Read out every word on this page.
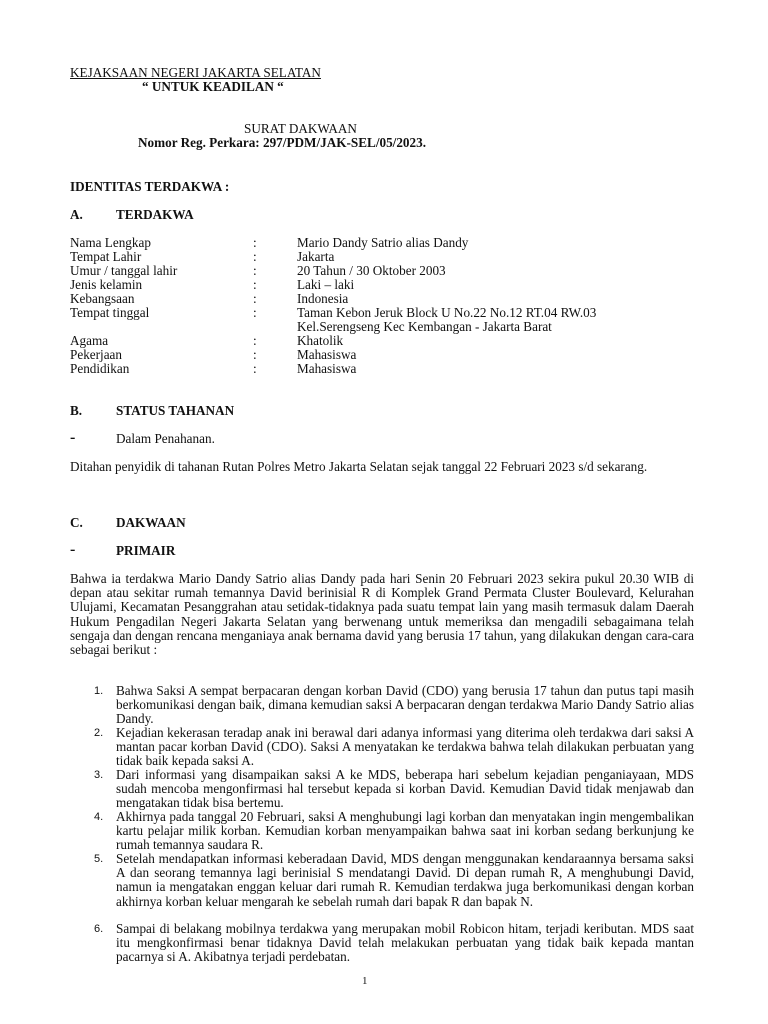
KEJAKSAAN NEGERI JAKARTA SELATAN
“ UNTUK KEADILAN “
SURAT DAKWAAN
Nomor Reg. Perkara: 297/PDM/JAK-SEL/05/2023.
IDENTITAS TERDAKWA :
A.	TERDAKWA
Nama Lengkap	:	Mario Dandy Satrio alias Dandy
Tempat Lahir	:	Jakarta
Umur / tanggal lahir	:	20 Tahun / 30 Oktober 2003
Jenis kelamin	:	Laki – laki
Kebangsaan	:	Indonesia
Tempat tinggal	:	Taman Kebon Jeruk Block U No.22 No.12 RT.04 RW.03
Kel.Serengseng Kec Kembangan - Jakarta Barat
Agama	:	Khatolik
Pekerjaan	:	Mahasiswa
Pendidikan	:	Mahasiswa
B.	STATUS TAHANAN
-	Dalam Penahanan.
Ditahan penyidik di tahanan Rutan Polres Metro Jakarta Selatan sejak tanggal 22 Februari 2023 s/d sekarang.
C.	DAKWAAN
-	PRIMAIR
Bahwa ia terdakwa Mario Dandy Satrio alias Dandy pada hari Senin 20 Februari 2023 sekira pukul 20.30 WIB di depan atau sekitar rumah temannya David berinisial R di Komplek Grand Permata Cluster Boulevard, Kelurahan Ulujami, Kecamatan Pesanggrahan atau setidak-tidaknya pada suatu tempat lain yang masih termasuk dalam Daerah Hukum Pengadilan Negeri Jakarta Selatan yang berwenang untuk memeriksa dan mengadili sebagaimana telah sengaja dan dengan rencana menganiaya anak bernama david yang berusia 17 tahun, yang dilakukan dengan cara-cara sebagai berikut :
1. Bahwa Saksi A sempat berpacaran dengan korban David (CDO) yang berusia 17 tahun dan putus tapi masih berkomunikasi dengan baik, dimana kemudian saksi A berpacaran dengan terdakwa Mario Dandy Satrio alias Dandy.
2. Kejadian kekerasan teradap anak ini berawal dari adanya informasi yang diterima oleh terdakwa dari saksi A mantan pacar korban David (CDO). Saksi A menyatakan ke terdakwa bahwa telah dilakukan perbuatan yang tidak baik kepada saksi A.
3. Dari informasi yang disampaikan saksi A ke MDS, beberapa hari sebelum kejadian penganiayaan, MDS sudah mencoba mengonfirmasi hal tersebut kepada si korban David. Kemudian David tidak menjawab dan mengatakan tidak bisa bertemu.
4. Akhirnya pada tanggal 20 Februari, saksi A menghubungi lagi korban dan menyatakan ingin mengembalikan kartu pelajar milik korban. Kemudian korban menyampaikan bahwa saat ini korban sedang berkunjung ke rumah temannya saudara R.
5. Setelah mendapatkan informasi keberadaan David, MDS dengan menggunakan kendaraannya bersama saksi A dan seorang temannya lagi berinisial S mendatangi David. Di depan rumah R, A menghubungi David, namun ia mengatakan enggan keluar dari rumah R. Kemudian terdakwa juga berkomunikasi dengan korban akhirnya korban keluar mengarah ke sebelah rumah dari bapak R dan bapak N.
6. Sampai di belakang mobilnya terdakwa yang merupakan mobil Robicon hitam, terjadi keributan. MDS saat itu mengkonfirmasi benar tidaknya David telah melakukan perbuatan yang tidak baik kepada mantan pacarnya si A. Akibatnya terjadi perdebatan.
1
